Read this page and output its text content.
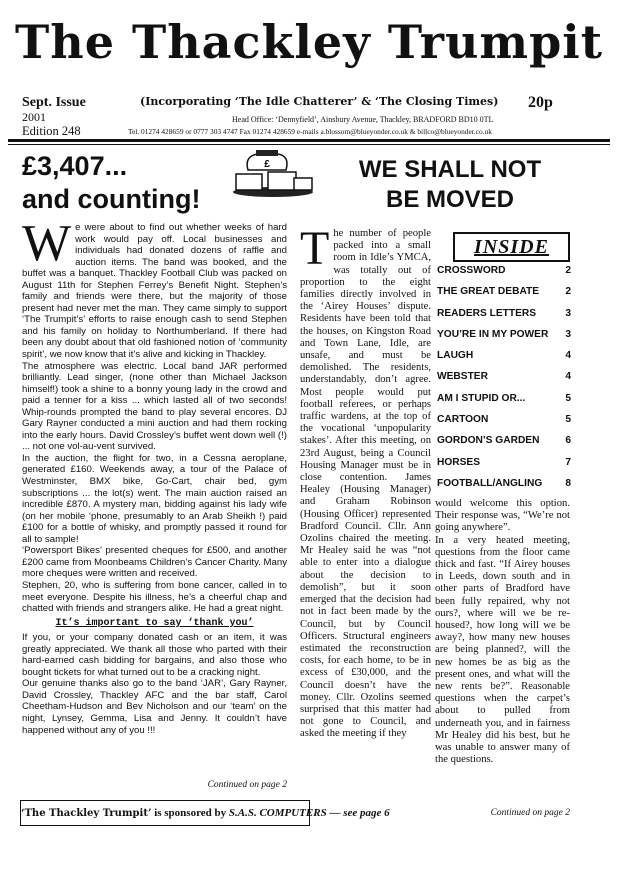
The Thackley Trumpit
Sept. Issue
2001
Edition 248
(Incorporating ‘The Idle Chatterer’ & ‘The Closing Times) 20p
Head Office: ‘Dennyfield’, Ainsbury Avenue, Thackley, BRADFORD BD10 0TL
Tel. 01274 428659 or 0777 303 4747 Fax 01274 428659 e-mails a.blossom@blueyonder.co.uk & billco@blueyonder.co.uk
£3,407...
and counting!
£

We were about to find out whether weeks of hard work would pay off. Local businesses and individuals had donated dozens of raffle and auction items. The band was booked, and the buffet was a banquet. Thackley Football Club was packed on August 11th for Stephen Ferrey’s Benefit Night. Stephen’s family and friends were there, but the majority of those present had never met the man. They came simply to support ‘The Trumpit’s’ efforts to raise enough cash to send Stephen and his family on holiday to Northumberland. If there had been any doubt about that old fashioned notion of ‘community spirit’, we now know that it’s alive and kicking in Thackley.

The atmosphere was electric. Local band JAR performed brilliantly. Lead singer, (none other than Michael Jackson himself!) took a shine to a bonny young lady in the crowd and paid a tenner for a kiss ... which lasted all of two seconds! Whip-rounds prompted the band to play several encores. DJ Gary Rayner conducted a mini auction and had them rocking into the early hours. David Crossley’s buffet went down well (!) ... not one vol-au-vent survived.

In the auction, the flight for two, in a Cessna aeroplane, generated £160. Weekends away, a tour of the Palace of Westminster, BMX bike, Go-Cart, chair bed, gym subscriptions ... the lot(s) went. The main auction raised an incredible £870. A mystery man, bidding against his lady wife (on her mobile ‘phone, presumably to an Arab Sheikh !) paid £100 for a bottle of whisky, and promptly passed it round for all to sample!

‘Powersport Bikes’ presented cheques for £500, and another £200 came from Moonbeams Children’s Cancer Charity. Many more cheques were written and received.

Stephen, 20, who is suffering from bone cancer, called in to meet everyone. Despite his illness, he’s a cheerful chap and chatted with friends and strangers alike. He had a great night.

It’s important to say ‘thank you’

If you, or your company donated cash or an item, it was greatly appreciated. We thank all those who parted with their hard-earned cash bidding for bargains, and also those who bought tickets for what turned out to be a cracking night.

Our genuine thanks also go to the band ‘JAR’, Gary Rayner, David Crossley, Thackley AFC and the bar staff, Carol Cheetham-Hudson and Bev Nicholson and our ‘team’ on the night, Lynsey, Gemma, Lisa and Jenny. It couldn’t have happened without any of you !!!

Continued on page 2
‘The Thackley Trumpit’ is sponsored by S.A.S. COMPUTERS — see page 6
WE SHALL NOT
BE MOVED

The number of people packed into a small room in Idle’s YMCA, was totally out of proportion to the eight families directly involved in the ‘Airey Houses’ dispute. Residents have been told that the houses, on Kingston Road and Town Lane, Idle, are unsafe, and must be demolished. The residents, understandably, don’t agree. Most people would put football referees, or perhaps traffic wardens, at the top of the vocational ‘unpopularity stakes’. After this meeting, on 23rd August, being a Council Housing Manager must be in close contention. James Healey (Housing Manager) and Graham Robinson (Housing Officer) represented Bradford Council. Cllr. Ann Ozolins chaired the meeting. Mr Healey said he was “not able to enter into a dialogue about the decision to demolish”, but it soon emerged that the decision had not in fact been made by the Council, but by Council Officers. Structural engineers estimated the reconstruction costs, for each home, to be in excess of £30,000, and the Council doesn’t have the money. Cllr. Ozolins seemed surprised that this matter had not gone to Council, and asked the meeting if they

INSIDE
CROSSWORD	2
THE GREAT DEBATE	2
READERS LETTERS	3
YOU’RE IN MY POWER 3
LAUGH	4
WEBSTER	4
AM I STUPID OR...	5
CARTOON	5
GORDON’S GARDEN	6
HORSES	7
FOOTBALL/ANGLING 8

would welcome this option. Their response was, “We’re not going anywhere”.

In a very heated meeting, questions from the floor came thick and fast. “If Airey houses in Leeds, down south and in other parts of Bradford have been fully repaired, why not ours?, where will we be re-housed?, how long will we be away?, how many new houses are being planned?, will the new homes be as big as the present ones, and what will the new rents be?”. Reasonable questions when the carpet’s about to pulled from underneath you, and in fairness Mr Healey did his best, but he was unable to answer many of the questions.

Continued on page 2
